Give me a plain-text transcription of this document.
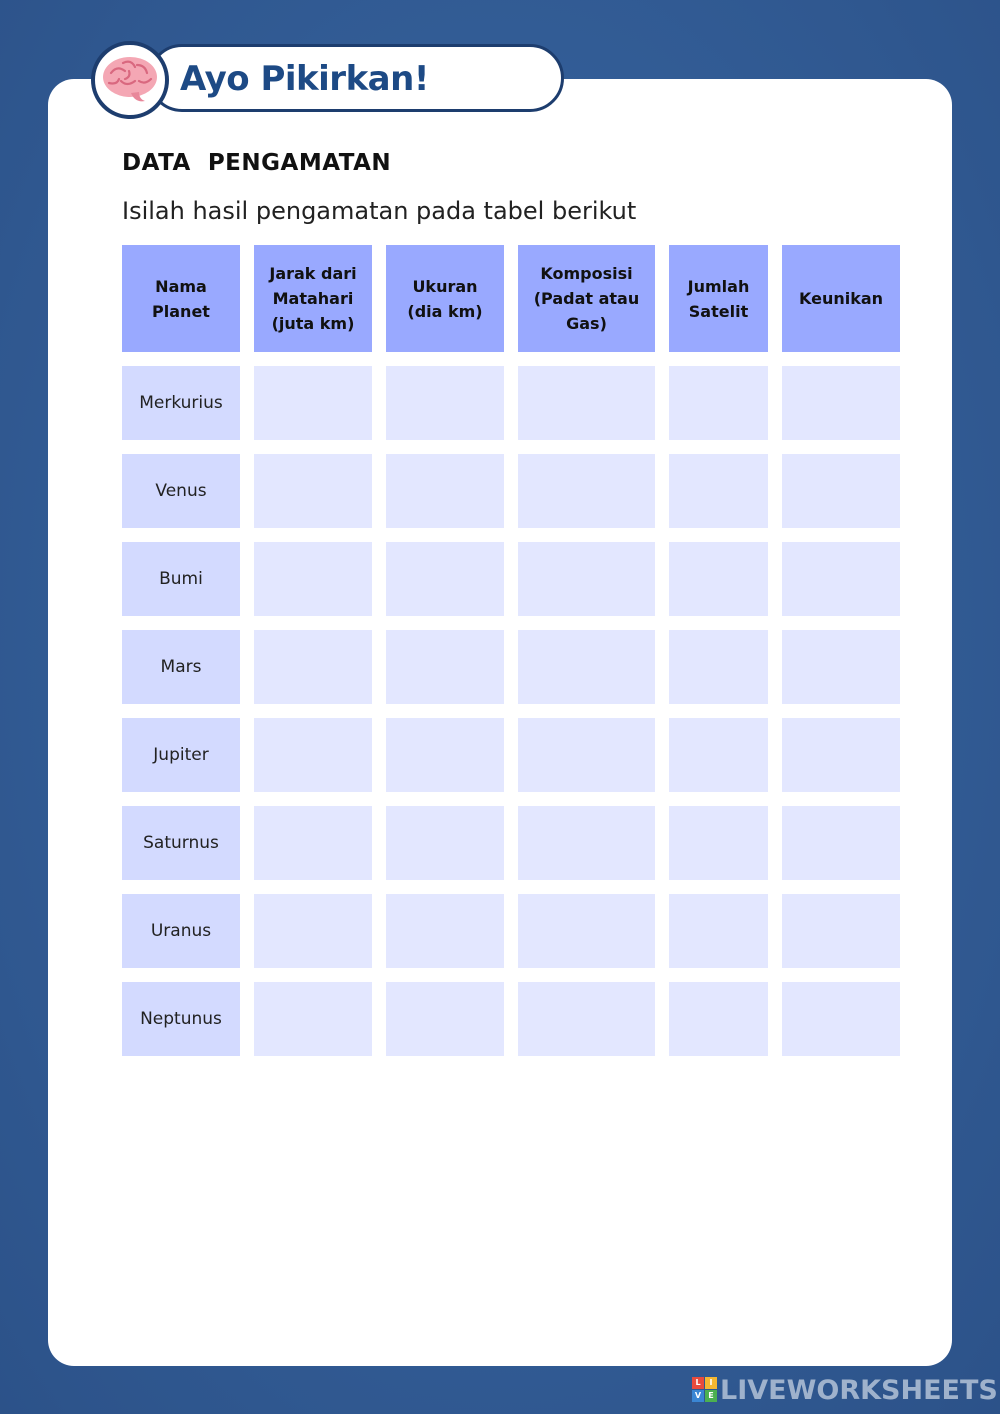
Ayo Pikirkan!
DATA  PENGAMATAN
Isilah hasil pengamatan pada tabel berikut
Nama
Planet
Jarak dari
Matahari
(juta km)
Ukuran
(dia km)
Komposisi
(Padat atau
Gas)
Jumlah
Satelit
Keunikan
Merkurius
Venus
Bumi
Mars
Jupiter
Saturnus
Uranus
Neptunus
L	I
V E LIVEWORKSHEETS
